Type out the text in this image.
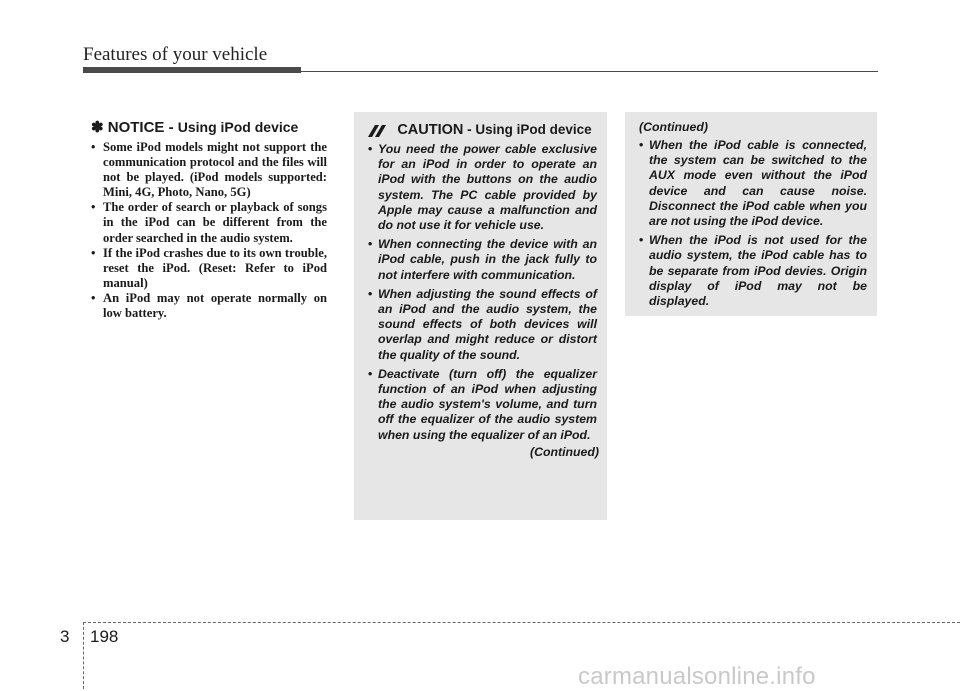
Features of your vehicle
✽ NOTICE - Using iPod device
• Some iPod models might not support the communication protocol and the files will not be played. (iPod models supported: Mini, 4G, Photo, Nano, 5G)
• The order of search or playback of songs in the iPod can be different from the order searched in the audio system.
• If the iPod crashes due to its own trouble, reset the iPod. (Reset: Refer to iPod manual)
• An iPod may not operate normally on low battery.
CAUTION - Using iPod device
• You need the power cable exclusive for an iPod in order to operate an iPod with the buttons on the audio system. The PC cable provided by Apple may cause a malfunction and do not use it for vehicle use.
• When connecting the device with an iPod cable, push in the jack fully to not interfere with communication.
• When adjusting the sound effects of an iPod and the audio system, the sound effects of both devices will overlap and might reduce or distort the quality of the sound.
• Deactivate (turn off) the equalizer function of an iPod when adjusting the audio system's volume, and turn off the equalizer of the audio system when using the equalizer of an iPod.
(Continued)
(Continued)
• When the iPod cable is connected, the system can be switched to the AUX mode even without the iPod device and can cause noise. Disconnect the iPod cable when you are not using the iPod device.
• When the iPod is not used for the audio system, the iPod cable has to be separate from iPod devies. Origin display of iPod may not be displayed.
3 198
carmanualsonline.info
